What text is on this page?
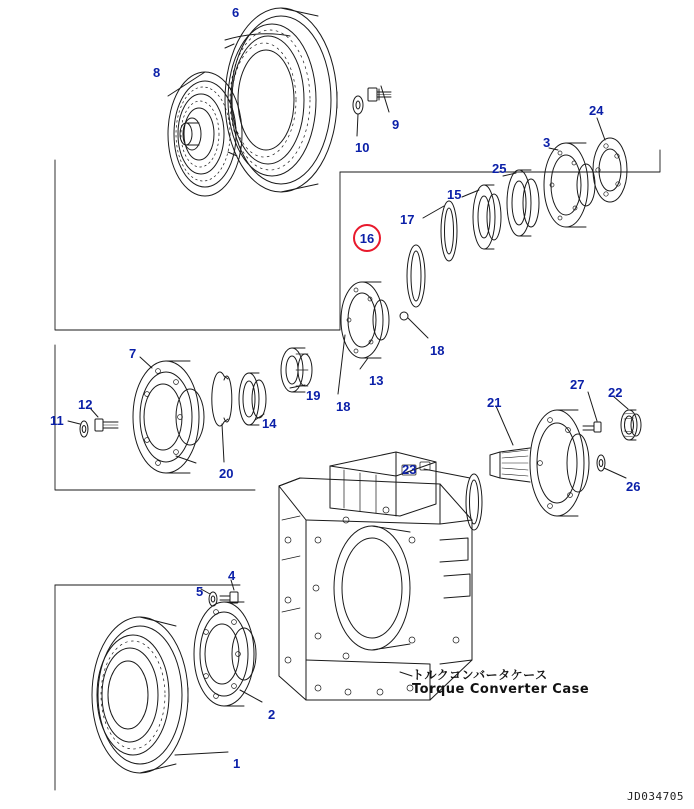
6
8
9
10
24
3
25
15
17
18
13
18
19
7
12
11	14
20
21
27
22
26
23
4
5
2
1
16
トルクコンバータケース
Torque Converter Case
JD034705
